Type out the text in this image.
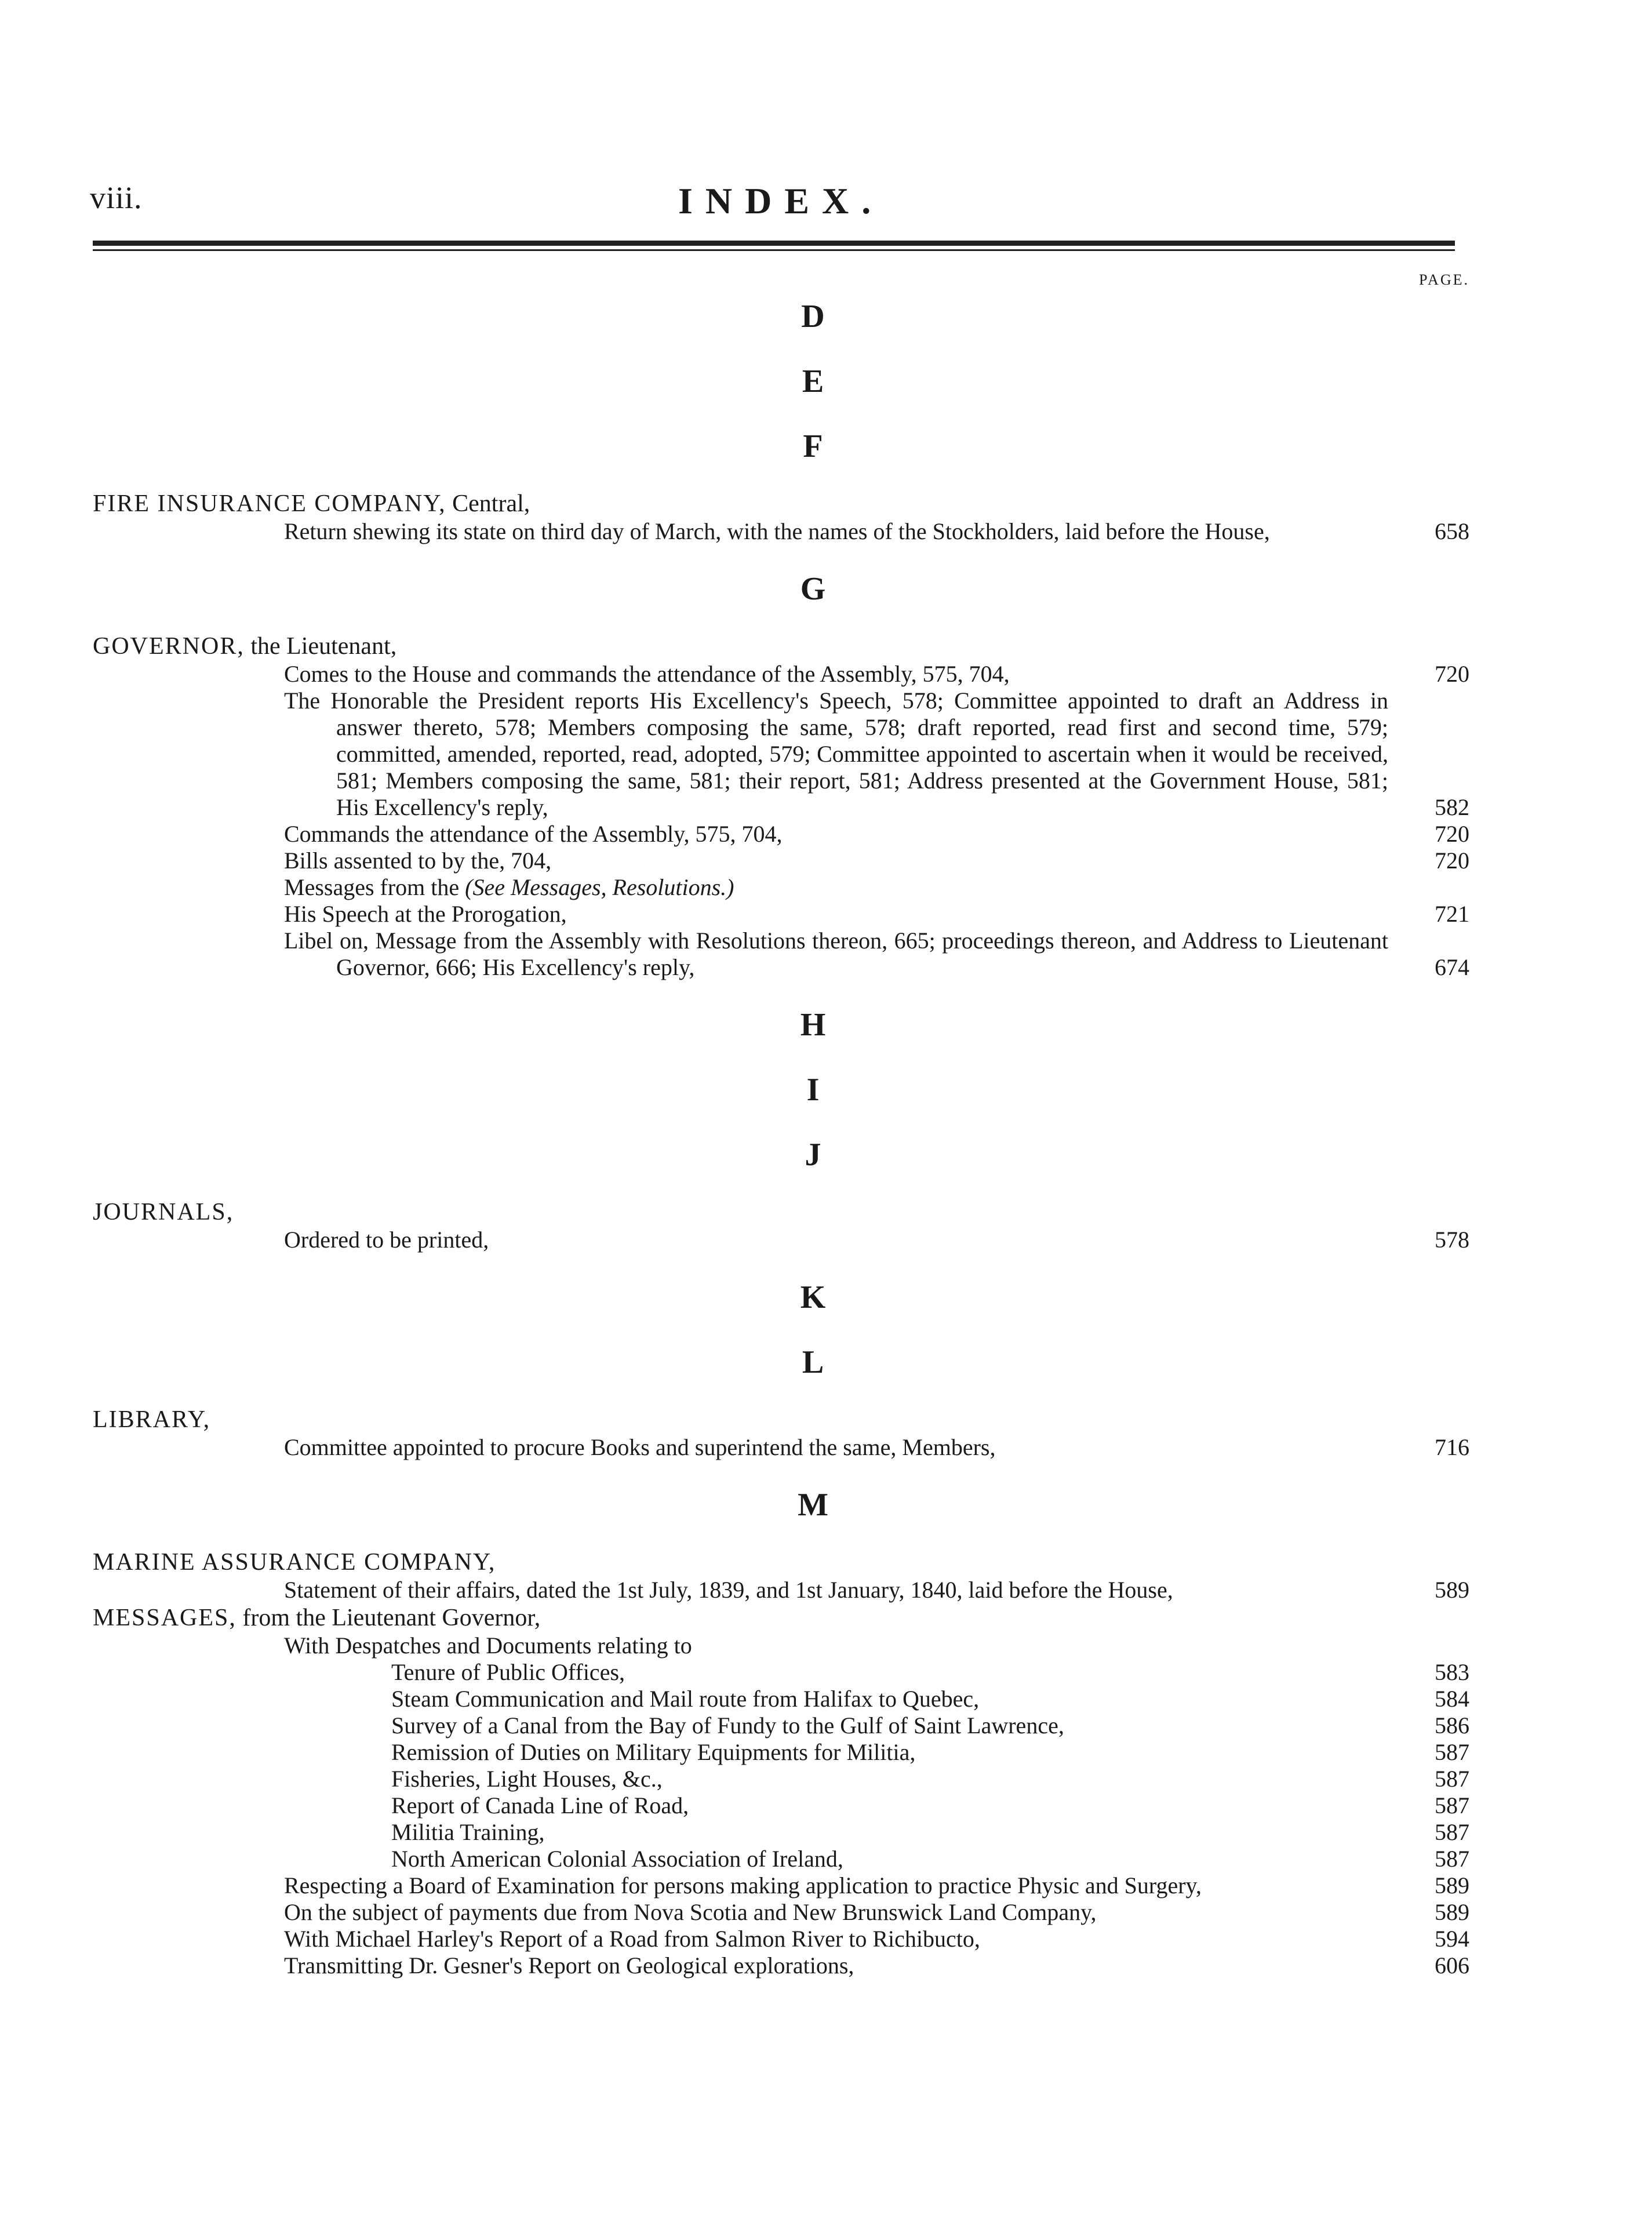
viii.	INDEX.
PAGE.
D
E
F
FIRE INSURANCE COMPANY, Central,
Return shewing its state on third day of March, with the names of the Stockholders, laid before the House,	658
G
GOVERNOR, the Lieutenant,
Comes to the House and commands the attendance of the Assembly, 575, 704,	720
The Honorable the President reports His Excellency's Speech, 578; Committee appointed to draft an Address in answer thereto, 578; Members composing the same, 578; draft reported, read first and second time, 579; committed, amended, reported, read, adopted, 579; Committee appointed to ascertain when it would be received, 581; Members composing the same, 581; their report, 581; Address presented at the Government House, 581; His Excellency's reply,	582
Commands the attendance of the Assembly, 575, 704,	720
Bills assented to by the, 704,	720
Messages from the (See Messages, Resolutions.)
His Speech at the Prorogation,	721
Libel on, Message from the Assembly with Resolutions thereon, 665; proceedings thereon, and Address to Lieutenant Governor, 666; His Excellency's reply,	674
H
I
J
JOURNALS,
Ordered to be printed,	578
K
L
LIBRARY,
Committee appointed to procure Books and superintend the same, Members,	716
M
MARINE ASSURANCE COMPANY,
Statement of their affairs, dated the 1st July, 1839, and 1st January, 1840, laid before the House,	589
MESSAGES, from the Lieutenant Governor,
With Despatches and Documents relating to
Tenure of Public Offices,	583
Steam Communication and Mail route from Halifax to Quebec,	584
Survey of a Canal from the Bay of Fundy to the Gulf of Saint Lawrence,	586
Remission of Duties on Military Equipments for Militia,	587
Fisheries, Light Houses, &c.,	587
Report of Canada Line of Road,	587
Militia Training,	587
North American Colonial Association of Ireland,	587
Respecting a Board of Examination for persons making application to practice Physic and Surgery,	589
On the subject of payments due from Nova Scotia and New Brunswick Land Company,	589
With Michael Harley's Report of a Road from Salmon River to Richibucto,	594
Transmitting Dr. Gesner's Report on Geological explorations,	606
